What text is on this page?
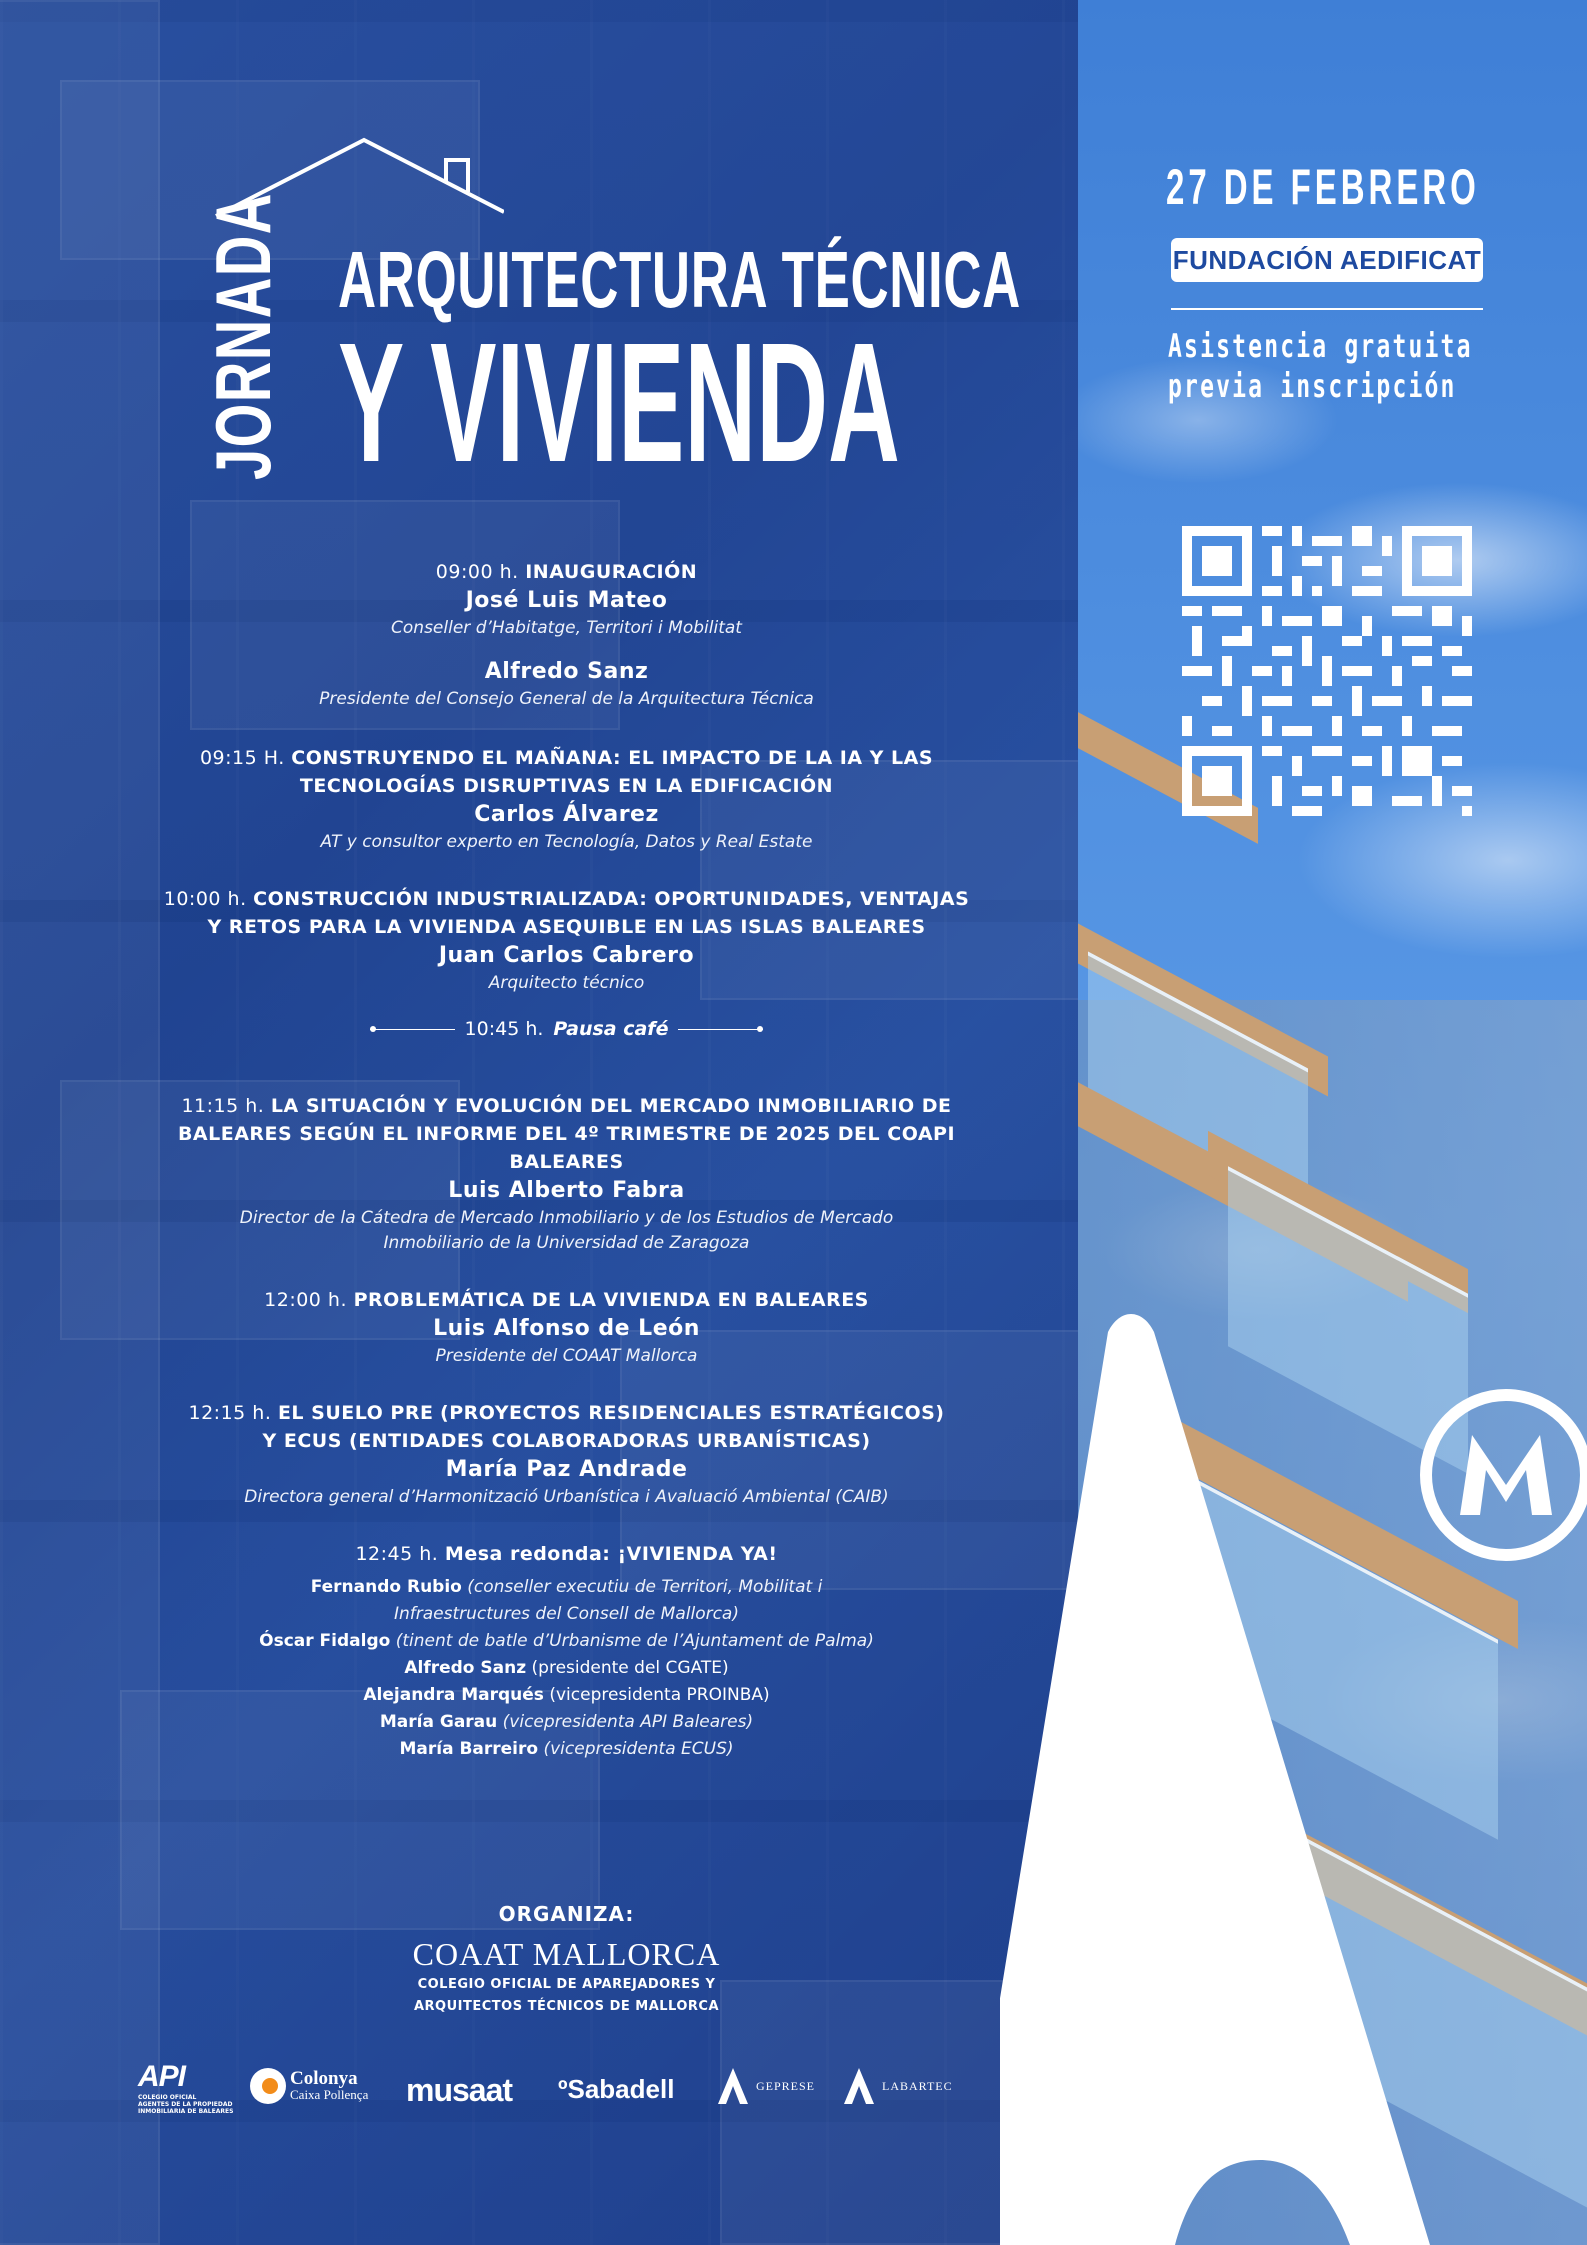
JORNADA ARQUITECTURA TÉCNICA
Y VIVIENDA
09:00 h. INAUGURACIÓN
José Luis Mateo
Conseller d’Habitatge, Territori i Mobilitat
Alfredo Sanz
Presidente del Consejo General de la Arquitectura Técnica
09:15 H. CONSTRUYENDO EL MAÑANA: EL IMPACTO DE LA IA Y LAS
TECNOLOGÍAS DISRUPTIVAS EN LA EDIFICACIÓN
Carlos Álvarez
AT y consultor experto en Tecnología, Datos y Real Estate
10:00 h. CONSTRUCCIÓN INDUSTRIALIZADA: OPORTUNIDADES, VENTAJAS
Y RETOS PARA LA VIVIENDA ASEQUIBLE EN LAS ISLAS BALEARES
Juan Carlos Cabrero
Arquitecto técnico
10:45 h. Pausa café
11:15 h. LA SITUACIÓN Y EVOLUCIÓN DEL MERCADO INMOBILIARIO DE
BALEARES SEGÚN EL INFORME DEL 4º TRIMESTRE DE 2025 DEL COAPI
BALEARES
Luis Alberto Fabra
Director de la Cátedra de Mercado Inmobiliario y de los Estudios de Mercado
Inmobiliario de la Universidad de Zaragoza
12:00 h. PROBLEMÁTICA DE LA VIVIENDA EN BALEARES
Luis Alfonso de León
Presidente del COAAT Mallorca
12:15 h. EL SUELO PRE (PROYECTOS RESIDENCIALES ESTRATÉGICOS)
Y ECUS (ENTIDADES COLABORADORAS URBANÍSTICAS)
María Paz Andrade
Directora general d’Harmonització Urbanística i Avaluació Ambiental (CAIB)
12:45 h. Mesa redonda: ¡VIVIENDA YA!
Fernando Rubio (conseller executiu de Territori, Mobilitat i
Infraestructures del Consell de Mallorca)
Óscar Fidalgo (tinent de batle d’Urbanisme de l’Ajuntament de Palma)
Alfredo Sanz (presidente del CGATE)
Alejandra Marqués (vicepresidenta PROINBA)
María Garau (vicepresidenta API Baleares)
María Barreiro (vicepresidenta ECUS)
ORGANIZA:
COAAT MALLORCA
COLEGIO OFICIAL DE APAREJADORES Y
ARQUITECTOS TÉCNICOS DE MALLORCA
API
COLEGIO OFICIAL
AGENTES DE LA PROPIEDAD
INMOBILIARIA DE BALEARES
Colonya
Caixa Pollença musaat ºSabadell	GEPRESE	LABARTEC
27 DE FEBRERO
FUNDACIÓN AEDIFICAT
Asistencia gratuita
previa inscripción
